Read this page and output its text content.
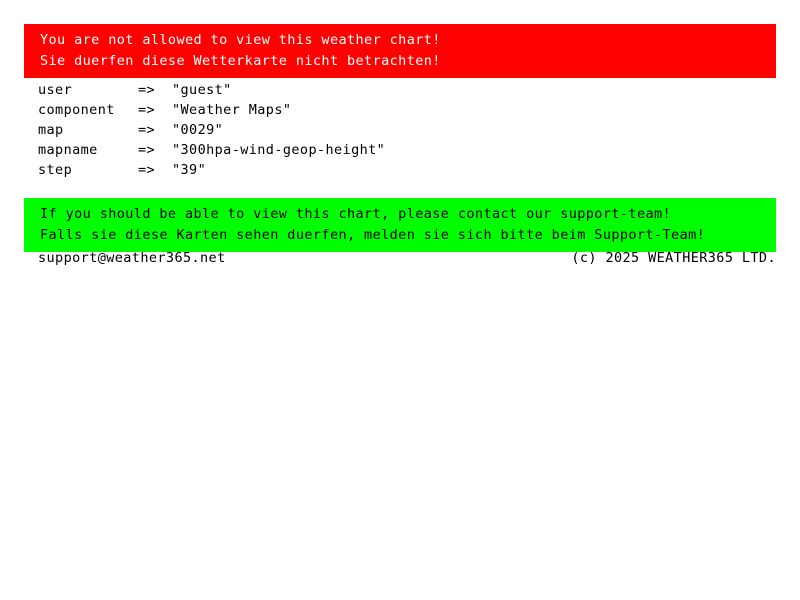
You are not allowed to view this weather chart!
Sie duerfen diese Wetterkarte nicht betrachten!
user	=>	"guest"
component	=>	"Weather Maps"
map	=>	"0029"
mapname	=>	"300hpa-wind-geop-height"
step	=>	"39"
If you should be able to view this chart, please contact our support-team!
Falls sie diese Karten sehen duerfen, melden sie sich bitte beim Support-Team!
support@weather365.net	(c) 2025 WEATHER365 LTD.
